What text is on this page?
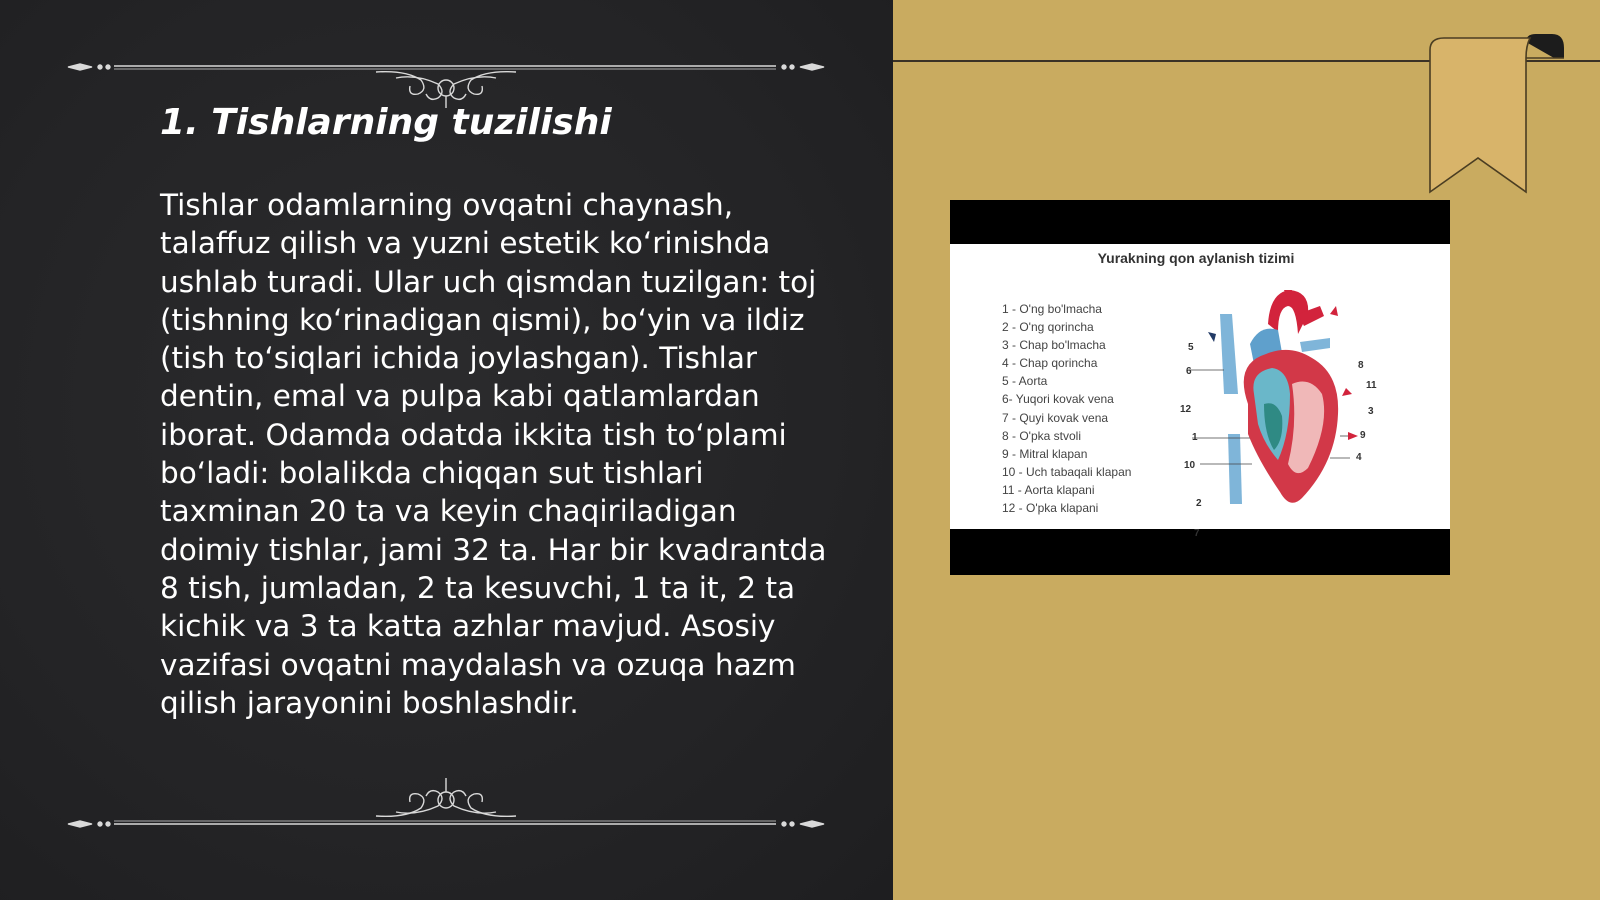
1. Tishlarning tuzilishi

Tishlar odamlarning ovqatni chaynash, talaffuz qilish va yuzni estetik ko‘rinishda ushlab turadi. Ular uch qismdan tuzilgan: toj (tishning ko‘rinadigan qismi), bo‘yin va ildiz (tish to‘siqlari ichida joylashgan). Tishlar dentin, emal va pulpa kabi qatlamlardan iborat. Odamda odatda ikkita tish to‘plami bo‘ladi: bolalikda chiqqan sut tishlari taxminan 20 ta va keyin chaqiriladigan doimiy tishlar, jami 32 ta. Har bir kvadrantda 8 tish, jumladan, 2 ta kesuvchi, 1 ta it, 2 ta kichik va 3 ta katta azhlar mavjud. Asosiy vazifasi ovqatni maydalash va ozuqa hazm qilish jarayonini boshlashdir.

Yurakning qon aylanish tizimi
1 - O'ng bo'lmacha
2 - O'ng qorincha
3 - Chap bo'lmacha
4 - Chap qorincha
5 - Aorta
6- Yuqori kovak vena
7 - Quyi kovak vena
8 - O'pka stvoli
9 - Mitral klapan
10 - Uch tabaqali klapan
11 - Aorta klapani
12 - O'pka klapani
5
6
12
1
10
2
7
8
11
3
9
4
